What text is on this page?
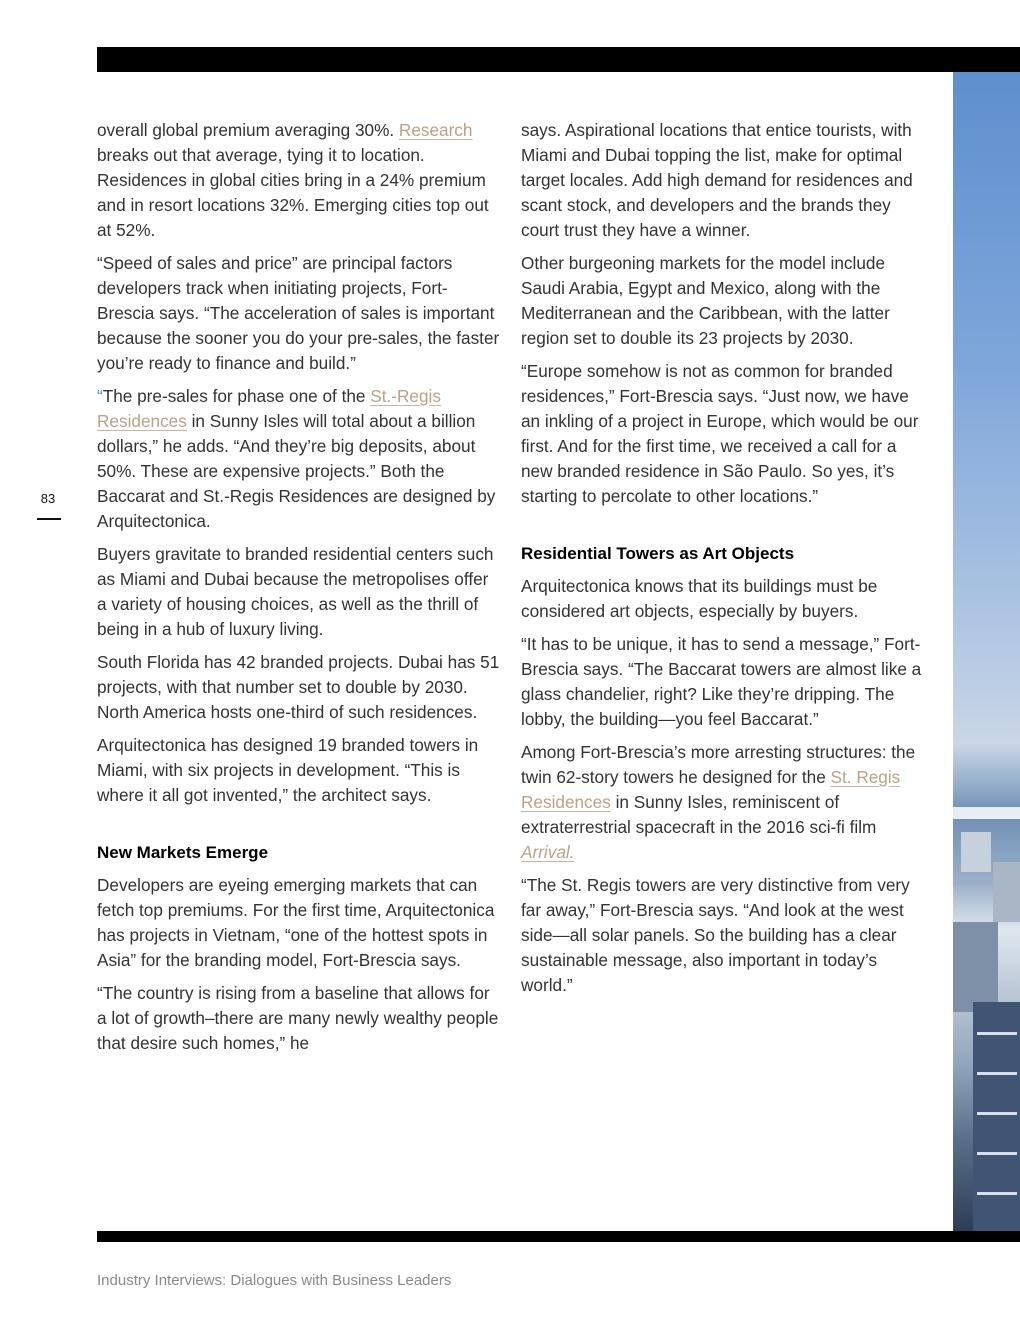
83

overall global premium averaging 30%. Research breaks out that average, tying it to location. Residences in global cities bring in a 24% premium and in resort locations 32%. Emerging cities top out at 52%.

“Speed of sales and price” are principal factors developers track when initiating projects, Fort-Brescia says. “The acceleration of sales is important because the sooner you do your pre-sales, the faster you’re ready to finance and build.”

“The pre-sales for phase one of the St.-Regis Residences in Sunny Isles will total about a billion dollars,” he adds. “And they’re big deposits, about 50%. These are expensive projects.” Both the Baccarat and St.-Regis Residences are designed by Arquitectonica.

Buyers gravitate to branded residential centers such as Miami and Dubai because the metropolises offer a variety of housing choices, as well as the thrill of being in a hub of luxury living.

South Florida has 42 branded projects. Dubai has 51 projects, with that number set to double by 2030. North America hosts one-third of such residences.

Arquitectonica has designed 19 branded towers in Miami, with six projects in development. “This is where it all got invented,” the architect says.

New Markets Emerge

Developers are eyeing emerging markets that can fetch top premiums. For the first time, Arquitectonica has projects in Vietnam, “one of the hottest spots in Asia” for the branding model, Fort-Brescia says.

“The country is rising from a baseline that allows for a lot of growth–there are many newly wealthy people that desire such homes,” he

says. Aspirational locations that entice tourists, with Miami and Dubai topping the list, make for optimal target locales. Add high demand for residences and scant stock, and developers and the brands they court trust they have a winner.

Other burgeoning markets for the model include Saudi Arabia, Egypt and Mexico, along with the Mediterranean and the Caribbean, with the latter region set to double its 23 projects by 2030.

“Europe somehow is not as common for branded residences,” Fort-Brescia says. “Just now, we have an inkling of a project in Europe, which would be our first. And for the first time, we received a call for a new branded residence in São Paulo. So yes, it’s starting to percolate to other locations.”

Residential Towers as Art Objects

Arquitectonica knows that its buildings must be considered art objects, especially by buyers.

“It has to be unique, it has to send a message,” Fort-Brescia says. “The Baccarat towers are almost like a glass chandelier, right? Like they’re dripping. The lobby, the building—you feel Baccarat.”

Among Fort-Brescia’s more arresting structures: the twin 62-story towers he designed for the St. Regis Residences in Sunny Isles, reminiscent of extraterrestrial spacecraft in the 2016 sci-fi film Arrival.

“The St. Regis towers are very distinctive from very far away,” Fort-Brescia says. “And look at the west side—all solar panels. So the building has a clear sustainable message, also important in today’s world.”

Industry Interviews: Dialogues with Business Leaders
